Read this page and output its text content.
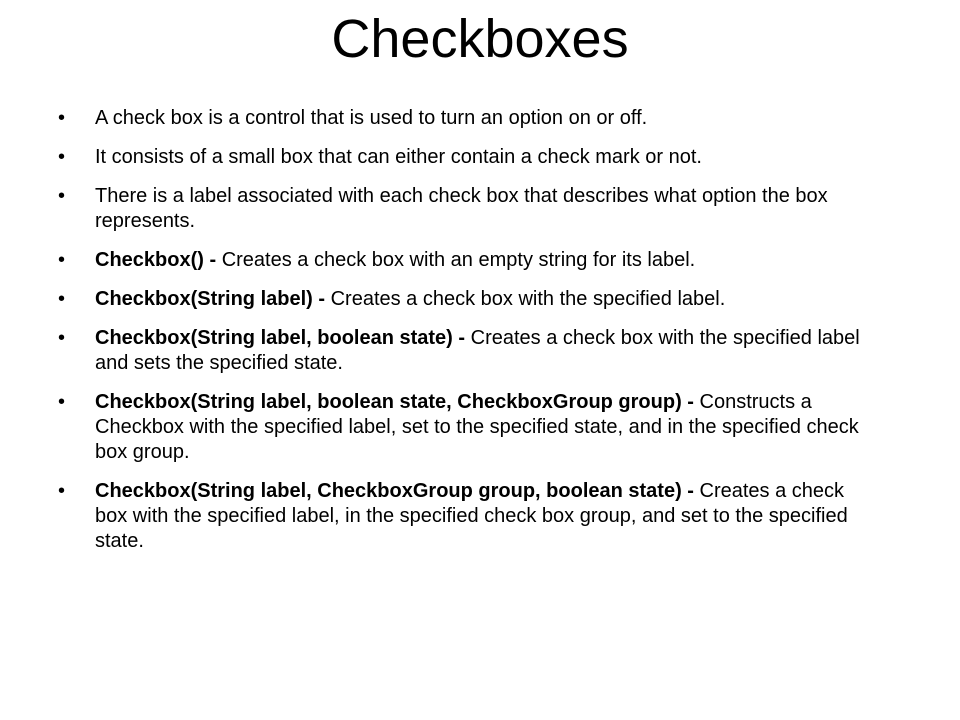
Checkboxes
•	A check box is a control that is used to turn an option on or off.
•	It consists of a small box that can either contain a check mark or not.
•	There is a label associated with each check box that describes what option the box represents.
•	Checkbox() - Creates a check box with an empty string for its label.
•	Checkbox(String label) - Creates a check box with the specified label.
•	Checkbox(String label, boolean state) - Creates a check box with the specified label and sets the specified state.
•	Checkbox(String label, boolean state, CheckboxGroup group) - Constructs a Checkbox with the specified label, set to the specified state, and in the specified check box group.
•	Checkbox(String label, CheckboxGroup group, boolean state) - Creates a check box with the specified label, in the specified check box group, and set to the specified state.
